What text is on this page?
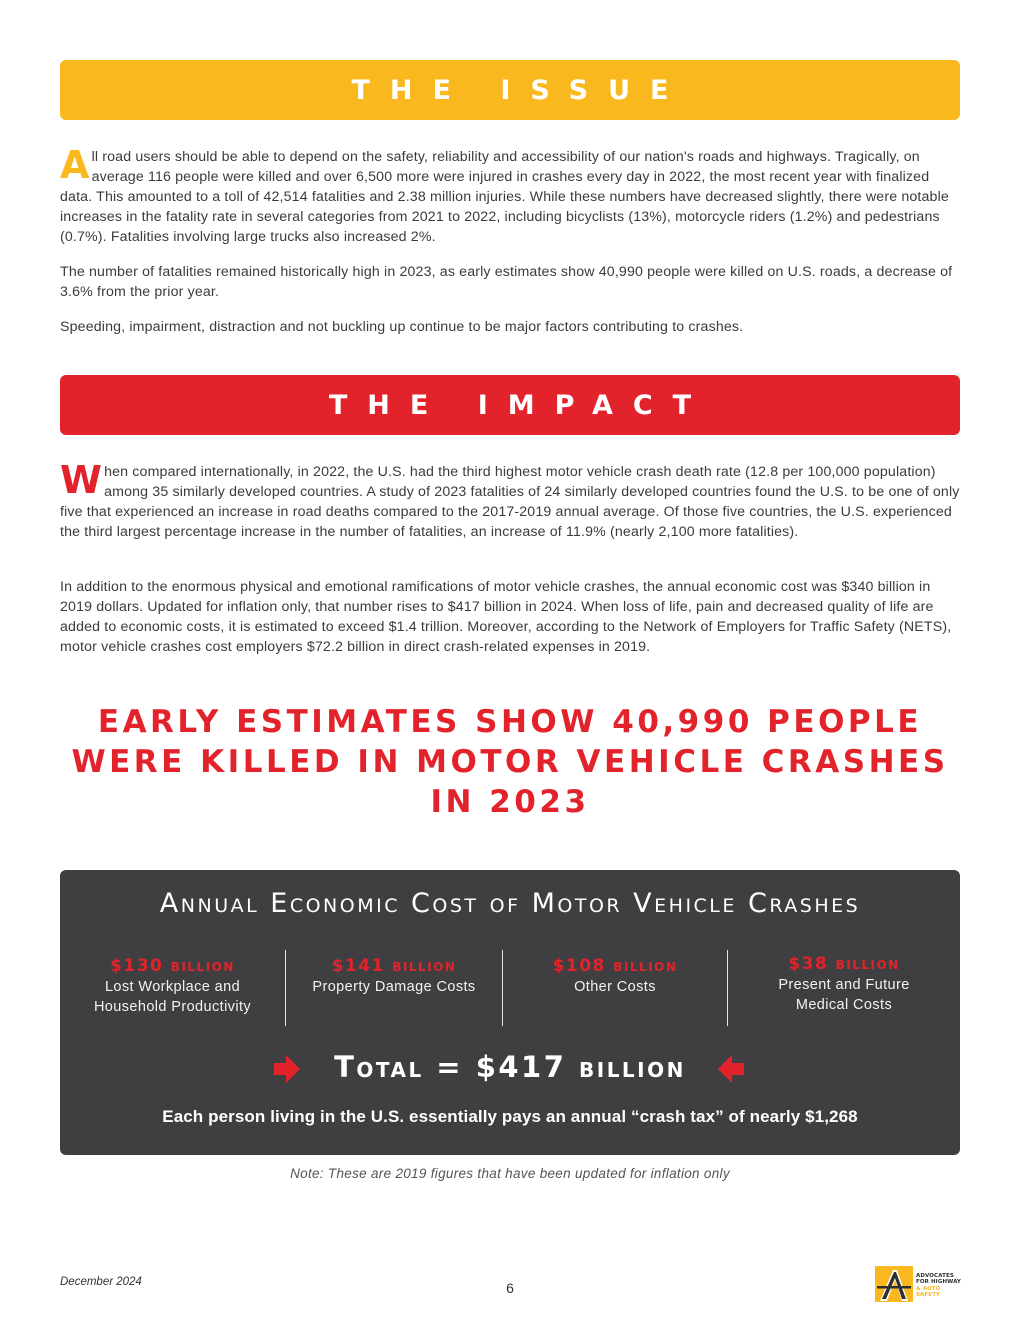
THE ISSUE

All road users should be able to depend on the safety, reliability and accessibility of our nation's roads and highways. Tragically, on average 116 people were killed and over 6,500 more were injured in crashes every day in 2022, the most recent year with finalized data. This amounted to a toll of 42,514 fatalities and 2.38 million injuries. While these numbers have decreased slightly, there were notable increases in the fatality rate in several categories from 2021 to 2022, including bicyclists (13%), motorcycle riders (1.2%) and pedestrians (0.7%). Fatalities involving large trucks also increased 2%.

The number of fatalities remained historically high in 2023, as early estimates show 40,990 people were killed on U.S. roads, a decrease of 3.6% from the prior year.

Speeding, impairment, distraction and not buckling up continue to be major factors contributing to crashes.

THE IMPACT

When compared internationally, in 2022, the U.S. had the third highest motor vehicle crash death rate (12.8 per 100,000 population) among 35 similarly developed countries. A study of 2023 fatalities of 24 similarly developed countries found the U.S. to be one of only five that experienced an increase in road deaths compared to the 2017-2019 annual average. Of those five countries, the U.S. experienced the third largest percentage increase in the number of fatalities, an increase of 11.9% (nearly 2,100 more fatalities).

In addition to the enormous physical and emotional ramifications of motor vehicle crashes, the annual economic cost was $340 billion in 2019 dollars. Updated for inflation only, that number rises to $417 billion in 2024. When loss of life, pain and decreased quality of life are added to economic costs, it is estimated to exceed $1.4 trillion. Moreover, according to the Network of Employers for Traffic Safety (NETS), motor vehicle crashes cost employers $72.2 billion in direct crash-related expenses in 2019.

EARLY ESTIMATES SHOW 40,990 PEOPLE WERE KILLED IN MOTOR VEHICLE CRASHES IN 2023
Annual Economic Cost of Motor Vehicle Crashes
$130 billion
Lost Workplace and Household Productivity
$141 billion
Property Damage Costs
$108 billion
Other Costs
$38 billion
Present and Future Medical Costs
Total = $417 billion
Each person living in the U.S. essentially pays an annual “crash tax” of nearly $1,268
Note: These are 2019 figures that have been updated for inflation only
December 2024	6
ADVOCATES
FOR HIGHWAY
& AUTO SAFETY
